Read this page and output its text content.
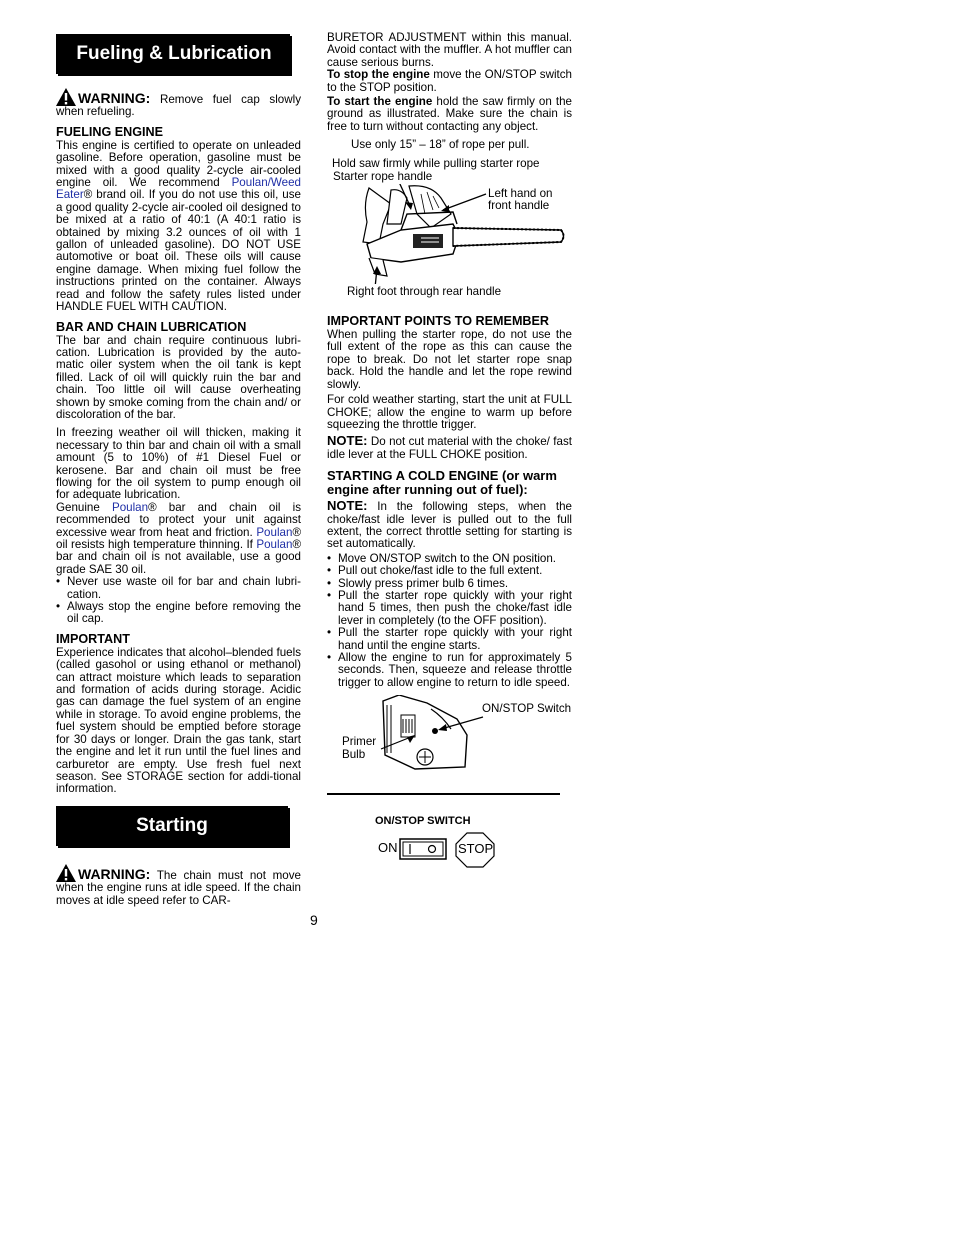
Fueling & Lubrication

WARNING: Remove fuel cap slowly when refueling.

FUELING ENGINE

This engine is certified to operate on unleaded gasoline. Before operation, gasoline must be mixed with a good quality 2-cycle air-cooled engine oil. We recommend Poulan/Weed Eater® brand oil. If you do not use this oil, use a good quality 2-cycle air-cooled oil designed to be mixed at a ratio of 40:1 (A 40:1 ratio is obtained by mixing 3.2 ounces of oil with 1 gallon of unleaded gasoline). DO NOT USE automotive or boat oil. These oils will cause engine damage. When mixing fuel follow the instructions printed on the container. Always read and follow the safety rules listed under HANDLE FUEL WITH CAUTION.

BAR AND CHAIN LUBRICATION

The bar and chain require continuous lubri-cation. Lubrication is provided by the auto-matic oiler system when the oil tank is kept filled. Lack of oil will quickly ruin the bar and chain. Too little oil will cause overheating shown by smoke coming from the chain and/ or discoloration of the bar.

In freezing weather oil will thicken, making it necessary to thin bar and chain oil with a small amount (5 to 10%) of #1 Diesel Fuel or kerosene. Bar and chain oil must be free flowing for the oil system to pump enough oil for adequate lubrication.

Genuine Poulan® bar and chain oil is recommended to protect your unit against excessive wear from heat and friction. Poulan® oil resists high temperature thinning. If Poulan® bar and chain oil is not available, use a good grade SAE 30 oil.

• Never use waste oil for bar and chain lubri-cation.
• Always stop the engine before removing the oil cap.
IMPORTANT

Experience indicates that alcohol–blended fuels (called gasohol or using ethanol or methanol) can attract moisture which leads to separation and formation of acids during storage. Acidic gas can damage the fuel system of an engine while in storage. To avoid engine problems, the fuel system should be emptied before storage for 30 days or longer. Drain the gas tank, start the engine and let it run until the fuel lines and carburetor are empty. Use fresh fuel next season. See STORAGE section for addi-tional information.

Starting

WARNING: The chain must not move when the engine runs at idle speed. If the chain moves at idle speed refer to CAR-

BURETOR ADJUSTMENT within this manual. Avoid contact with the muffler. A hot muffler can cause serious burns.

To stop the engine move the ON/STOP switch to the STOP position.

To start the engine hold the saw firmly on the ground as illustrated. Make sure the chain is free to turn without contacting any object.

Use only 15” – 18” of rope per pull.

Hold saw firmly while pulling starter rope

Starter rope handle
Left hand on front handle
Right foot through rear handle
IMPORTANT POINTS TO REMEMBER

When pulling the starter rope, do not use the full extent of the rope as this can cause the rope to break. Do not let starter rope snap back. Hold the handle and let the rope rewind slowly.

For cold weather starting, start the unit at FULL CHOKE; allow the engine to warm up before squeezing the throttle trigger.

NOTE: Do not cut material with the choke/ fast idle lever at the FULL CHOKE position.

STARTING A COLD ENGINE (or warm engine after running out of fuel):

NOTE: In the following steps, when the choke/fast idle lever is pulled out to the full extent, the correct throttle setting for starting is set automatically.

• Move ON/STOP switch to the ON position.
• Pull out choke/fast idle to the full extent.
• Slowly press primer bulb 6 times.
• Pull the starter rope quickly with your right hand 5 times, then push the choke/fast idle lever in completely (to the OFF position).
• Pull the starter rope quickly with your right hand until the engine starts.
• Allow the engine to run for approximately 5 seconds. Then, squeeze and release throttle trigger to allow engine to return to idle speed.
ON/STOP Switch
Primer Bulb
ON/STOP SWITCH
ON	STOP
9
